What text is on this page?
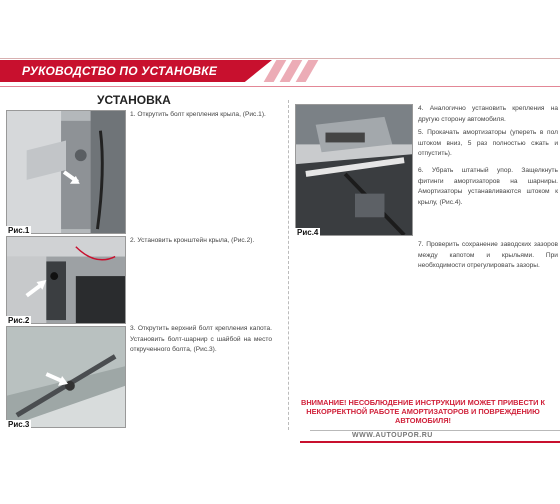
РУКОВОДСТВО ПО УСТАНОВКЕ
УСТАНОВКА
Рис.1
Рис.2
Рис.3
Рис.4
1. Открутить болт крепления крыла, (Рис.1).
2. Установить кронштейн крыла, (Рис.2).
3. Открутить верхний болт крепления капота. Установить болт-шарнир с шайбой на место открученного болта, (Рис.3).
4. Аналогично установить крепления на другую сторону автомобиля.
5. Прокачать амортизаторы (упереть в пол штоком вниз, 5 раз полностью сжать и отпустить).
6. Убрать штатный упор. Защелкнуть фитинги амортизаторов на шарниры. Амортизаторы устанавливаются штоком к крылу, (Рис.4).
7. Проверить сохранение заводских зазоров между капотом и крыльями. При необходимости отрегулировать зазоры.
ВНИМАНИЕ! НЕСОБЛЮДЕНИЕ ИНСТРУКЦИИ МОЖЕТ ПРИВЕСТИ К НЕКОРРЕКТНОЙ РАБОТЕ АМОРТИЗАТОРОВ И ПОВРЕЖДЕНИЮ АВТОМОБИЛЯ!
WWW.AUTOUPOR.RU
